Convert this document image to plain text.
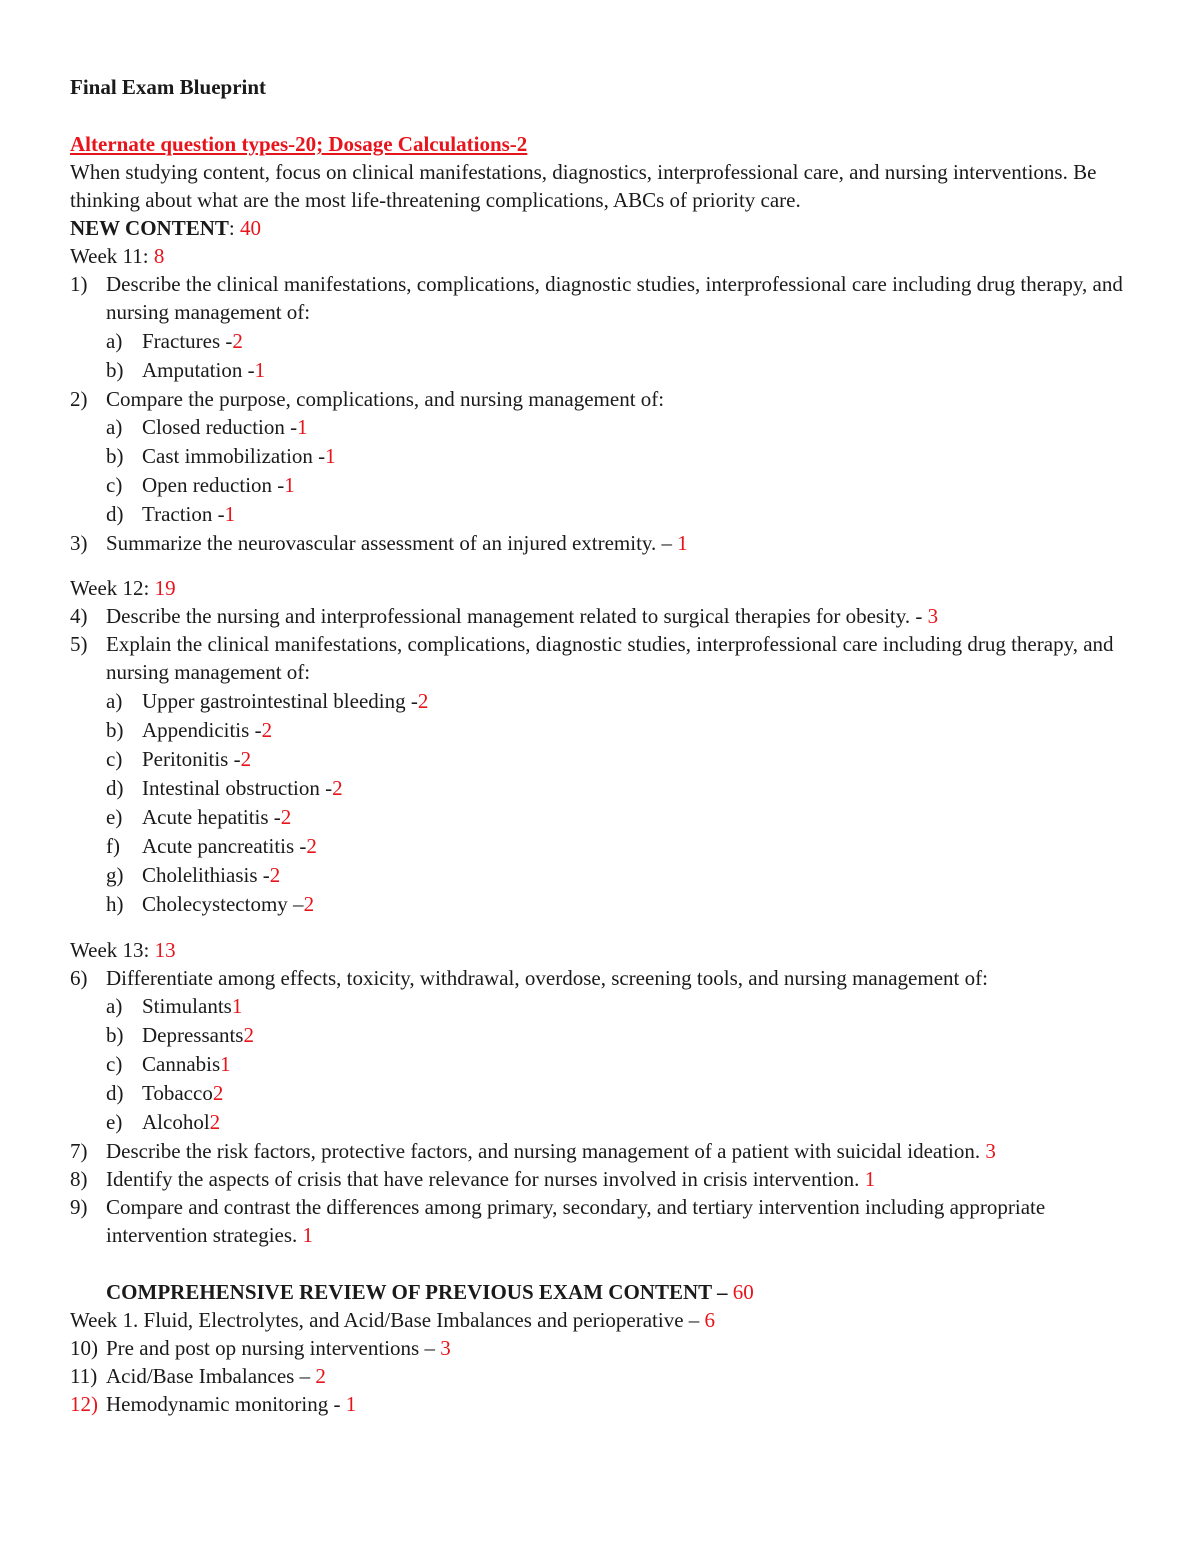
Final Exam Blueprint
Alternate question types-20; Dosage Calculations-2

When studying content, focus on clinical manifestations, diagnostics, interprofessional care, and nursing interventions. Be thinking about what are the most life-threatening complications, ABCs of priority care.

NEW CONTENT: 40
Week 11: 8
1) Describe the clinical manifestations, complications, diagnostic studies, interprofessional care including drug therapy, and nursing management of:
a) Fractures - 2
b) Amputation - 1
2) Compare the purpose, complications, and nursing management of:
a) Closed reduction - 1
b) Cast immobilization - 1
c) Open reduction - 1
d) Traction - 1
3) Summarize the neurovascular assessment of an injured extremity. – 1
Week 12: 19
4) Describe the nursing and interprofessional management related to surgical therapies for obesity. - 3
5) Explain the clinical manifestations, complications, diagnostic studies, interprofessional care including drug therapy, and nursing management of:
a) Upper gastrointestinal bleeding - 2
b) Appendicitis - 2
c) Peritonitis - 2
d) Intestinal obstruction - 2
e) Acute hepatitis - 2
f)	Acute pancreatitis - 2
g) Cholelithiasis - 2
h) Cholecystectomy – 2
Week 13: 13
6) Differentiate among effects, toxicity, withdrawal, overdose, screening tools, and nursing management of:
a) Stimulants 1
b) Depressants 2
c) Cannabis 1
d) Tobacco 2
e) Alcohol 2
7) Describe the risk factors, protective factors, and nursing management of a patient with suicidal ideation. 3
8) Identify the aspects of crisis that have relevance for nurses involved in crisis intervention. 1
9) Compare and contrast the differences among primary, secondary, and tertiary intervention including appropriate intervention strategies. 1
COMPREHENSIVE REVIEW OF PREVIOUS EXAM CONTENT – 60
Week 1. Fluid, Electrolytes, and Acid/Base Imbalances and perioperative – 6
10) Pre and post op nursing interventions – 3
11) Acid/Base Imbalances – 2
12) Hemodynamic monitoring - 1
